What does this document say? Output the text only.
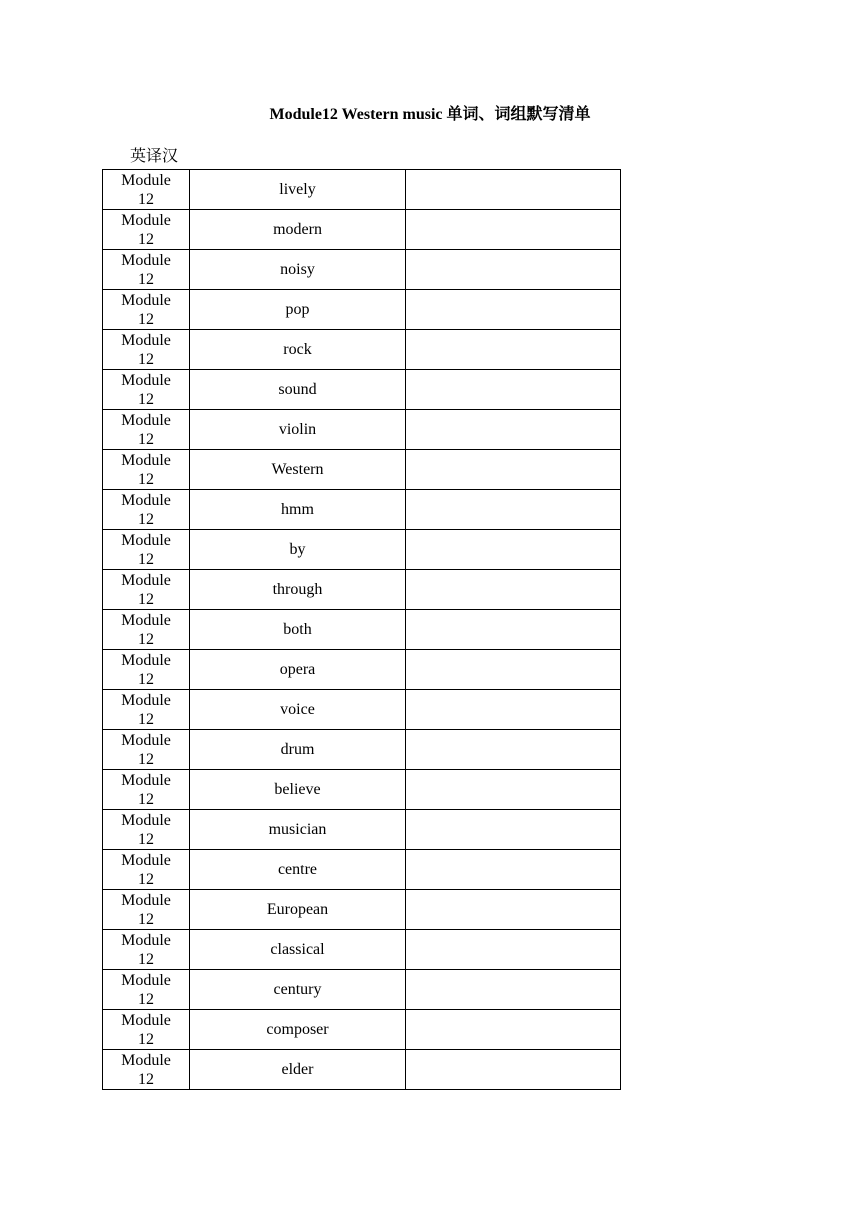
Module12 Western music 单词、词组默写清单
英译汉
Module
12	lively	

Module
12	modern	

Module
12	noisy	

Module
12	pop	

Module
12	rock	

Module
12	sound	

Module
12	violin	

Module
12	Western	

Module
12	hmm	

Module
12	by	

Module
12	through	

Module
12	both	

Module
12	opera	

Module
12	voice	

Module
12	drum	

Module
12	believe	

Module
12	musician	

Module
12	centre	

Module
12	European	

Module
12	classical	

Module
12	century	

Module
12	composer	

Module
12	elder	
